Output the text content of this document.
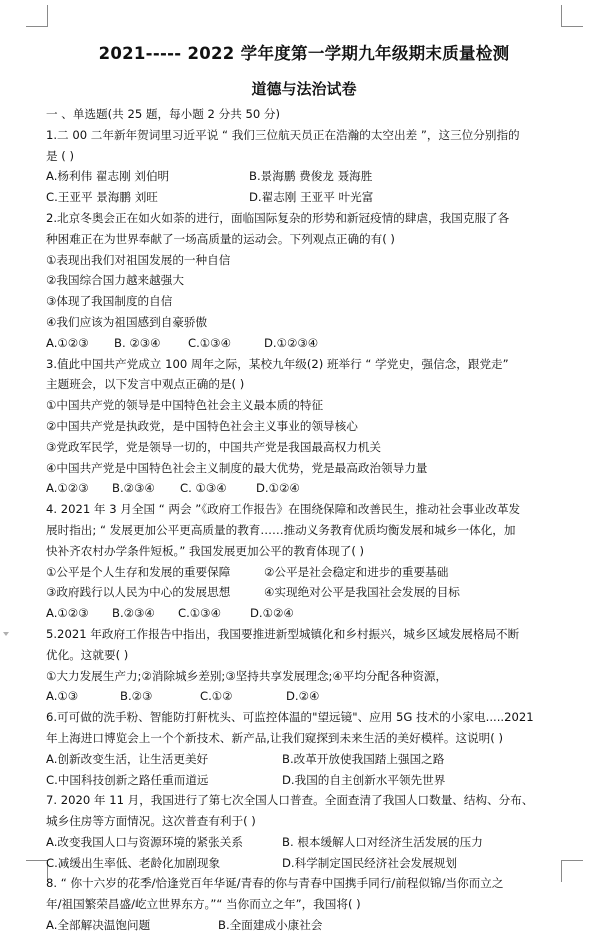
2021----- 2022 学年度第一学期九年级期末质量检测
道德与法治试卷
一 、单选题(共 25 题，每小题 2 分共 50 分)
1.二 00 二年新年贺词里习近平说 “ 我们三位航天员正在浩瀚的太空出差 ”，这三位分别指的
是 ( )
A.杨利伟 翟志刚 刘伯明	B.景海鹏 费俊龙 聂海胜
C.王亚平 景海鹏 刘旺	D.翟志刚 王亚平 叶光富
2.北京冬奥会正在如火如荼的进行，面临国际复杂的形势和新冠疫情的肆虐，我国克服了各
种困难正在为世界奉献了一场高质量的运动会。下列观点正确的有( )
①表现出我们对祖国发展的一种自信
②我国综合国力越来越强大
③体现了我国制度的自信
④我们应该为祖国感到自豪骄傲
A.①②③	B. ②③④	C.①③④	D.①②③④
3.值此中国共产党成立 100 周年之际，某校九年级(2) 班举行 “ 学党史，强信念，跟党走”
主题班会，以下发言中观点正确的是( )
①中国共产党的领导是中国特色社会主义最本质的特征
②中国共产党是执政党，是中国特色社会主义事业的领导核心
③党政军民学，党是领导一切的，中国共产党是我国最高权力机关
④中国共产党是中国特色社会主义制度的最大优势，党是最高政治领导力量
A.①②③	B.②③④	C. ①③④	D.①②④
4. 2021 年 3 月全国 “ 两会 ”《政府工作报告》在围绕保障和改善民生，推动社会事业改革发
展时指出; “ 发展更加公平更高质量的教育……推动义务教育优质均衡发展和城乡一体化，加
快补齐农村办学条件短板。” 我国发展更加公平的教育体现了( )
①公平是个人生存和发展的重要保障	②公平是社会稳定和进步的重要基础
③政府践行以人民为中心的发展思想	④实现绝对公平是我国社会发展的目标
A.①②③	B.②③④	C.①③④	D.①②④
5.2021 年政府工作报告中指出，我国要推进新型城镇化和乡村振兴，城乡区域发展格局不断
优化。这就要( )
①大力发展生产力;②消除城乡差别;③坚持共享发展理念;④平均分配各种资源，
A.①③	B.②③	C.①②	D.②④
6.可可做的洗手粉、智能防打鼾枕头、可监控体温的"望远镜"、应用 5G 技术的小家电.....2021
年上海进口博览会上一个个新技术、新产品,让我们窥探到未来生活的美好模样。这说明( )
A.创新改变生活，让生活更美好	B.改革开放使我国踏上强国之路
C.中国科技创新之路任重而道远	D.我国的自主创新水平领先世界
7. 2020 年 11 月，我国进行了第七次全国人口普查。全面查清了我国人口数量、结构、分布、
城乡住房等方面情况。这次普查有利于( )
A.改变我国人口与资源环境的紧张关系	B. 根本缓解人口对经济生活发展的压力
C.减缓出生率低、老龄化加剧现象	D.科学制定国民经济社会发展规划
8. “ 你十六岁的花季/恰逢党百年华诞/青春的你与青春中国携手同行/前程似锦/当你而立之
年/祖国繁荣昌盛/屹立世界东方。”“ 当你而立之年”，我国将( )
A.全部解决温饱问题	B.全面建成小康社会
